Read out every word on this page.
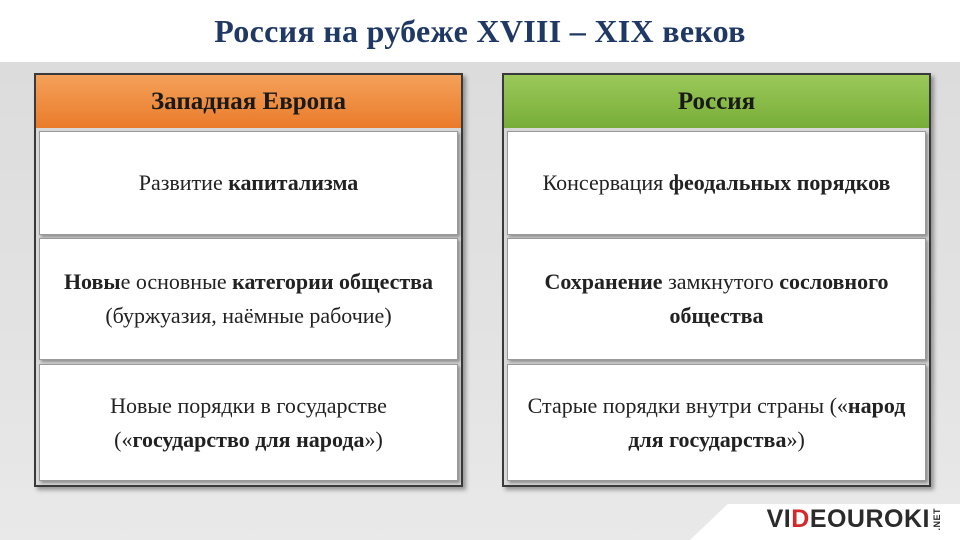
Россия на рубеже XVIII – XIX веков
Западная Европа
Развитие капитализма
Новые основные категории общества (буржуазия, наёмные рабочие)
Новые порядки в государстве («государство для народа»)
Россия
Консервация феодальных порядков
Сохранение замкнутого сословного общества
Старые порядки внутри страны («народ для государства»)
VI D EOUROKI .NET
